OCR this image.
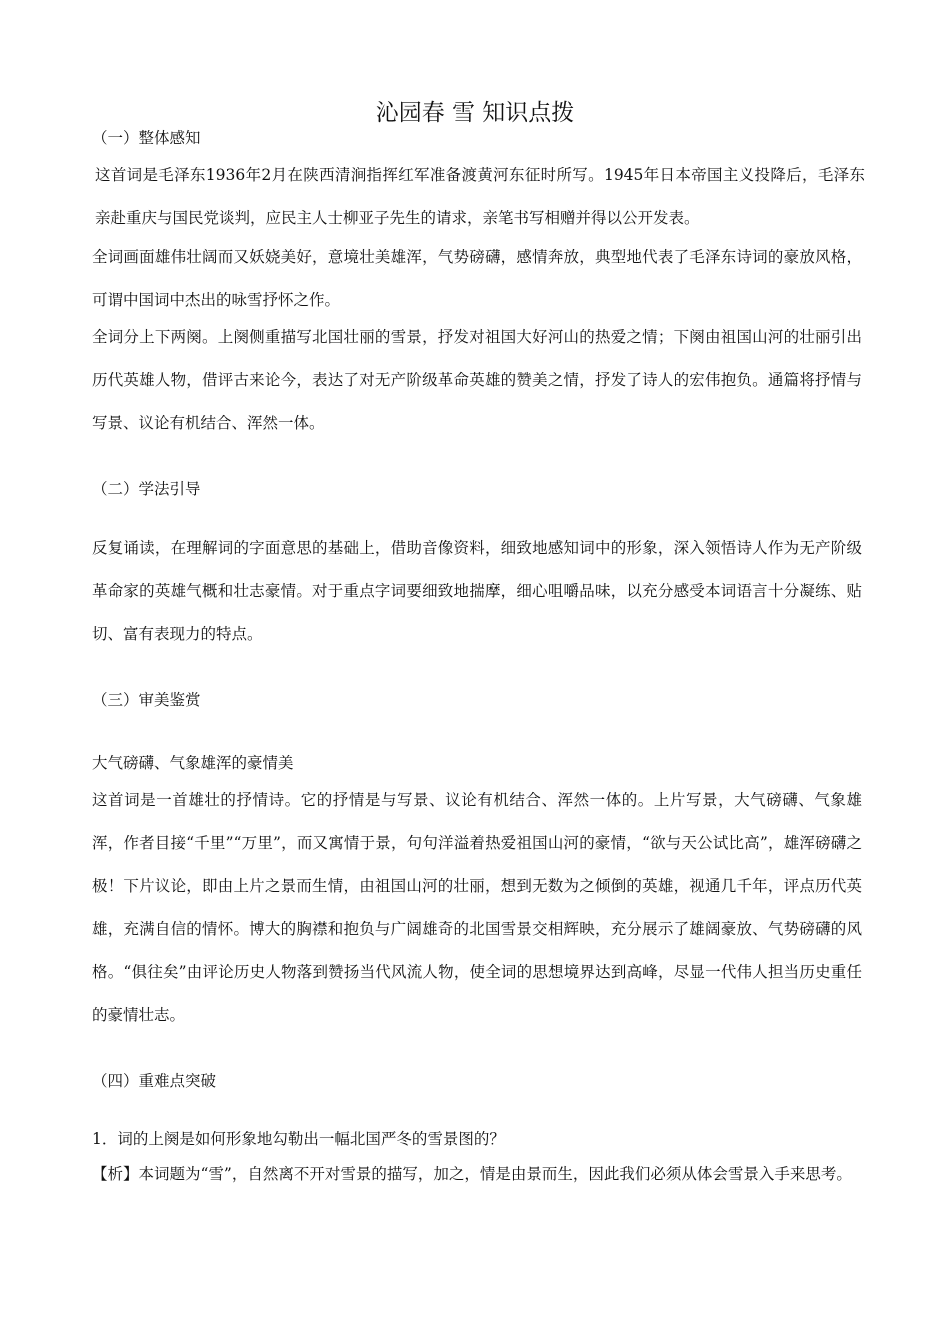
沁园春 雪 知识点拨
（一）整体感知
这首词是毛泽东1936年2月在陕西清涧指挥红军准备渡黄河东征时所写。1945年日本帝国主义投降后，毛泽东亲赴重庆与国民党谈判，应民主人士柳亚子先生的请求，亲笔书写相赠并得以公开发表。
全词画面雄伟壮阔而又妖娆美好，意境壮美雄浑，气势磅礴，感情奔放，典型地代表了毛泽东诗词的豪放风格，可谓中国词中杰出的咏雪抒怀之作。
全词分上下两阕。上阕侧重描写北国壮丽的雪景，抒发对祖国大好河山的热爱之情；下阕由祖国山河的壮丽引出历代英雄人物，借评古来论今，表达了对无产阶级革命英雄的赞美之情，抒发了诗人的宏伟抱负。通篇将抒情与写景、议论有机结合、浑然一体。
（二）学法引导
反复诵读，在理解词的字面意思的基础上，借助音像资料，细致地感知词中的形象，深入领悟诗人作为无产阶级革命家的英雄气概和壮志豪情。对于重点字词要细致地揣摩，细心咀嚼品味，以充分感受本词语言十分凝练、贴切、富有表现力的特点。
（三）审美鉴赏
大气磅礴、气象雄浑的豪情美
这首词是一首雄壮的抒情诗。它的抒情是与写景、议论有机结合、浑然一体的。上片写景，大气磅礴、气象雄浑，作者目接“千里”“万里”，而又寓情于景，句句洋溢着热爱祖国山河的豪情，“欲与天公试比高”，雄浑磅礴之极！下片议论，即由上片之景而生情，由祖国山河的壮丽，想到无数为之倾倒的英雄，视通几千年，评点历代英雄，充满自信的情怀。博大的胸襟和抱负与广阔雄奇的北国雪景交相辉映，充分展示了雄阔豪放、气势磅礴的风格。“俱往矣”由评论历史人物落到赞扬当代风流人物，使全词的思想境界达到高峰，尽显一代伟人担当历史重任的豪情壮志。
（四）重难点突破
1．词的上阕是如何形象地勾勒出一幅北国严冬的雪景图的？
【析】本词题为“雪”，自然离不开对雪景的描写，加之，情是由景而生，因此我们必须从体会雪景入手来思考。
